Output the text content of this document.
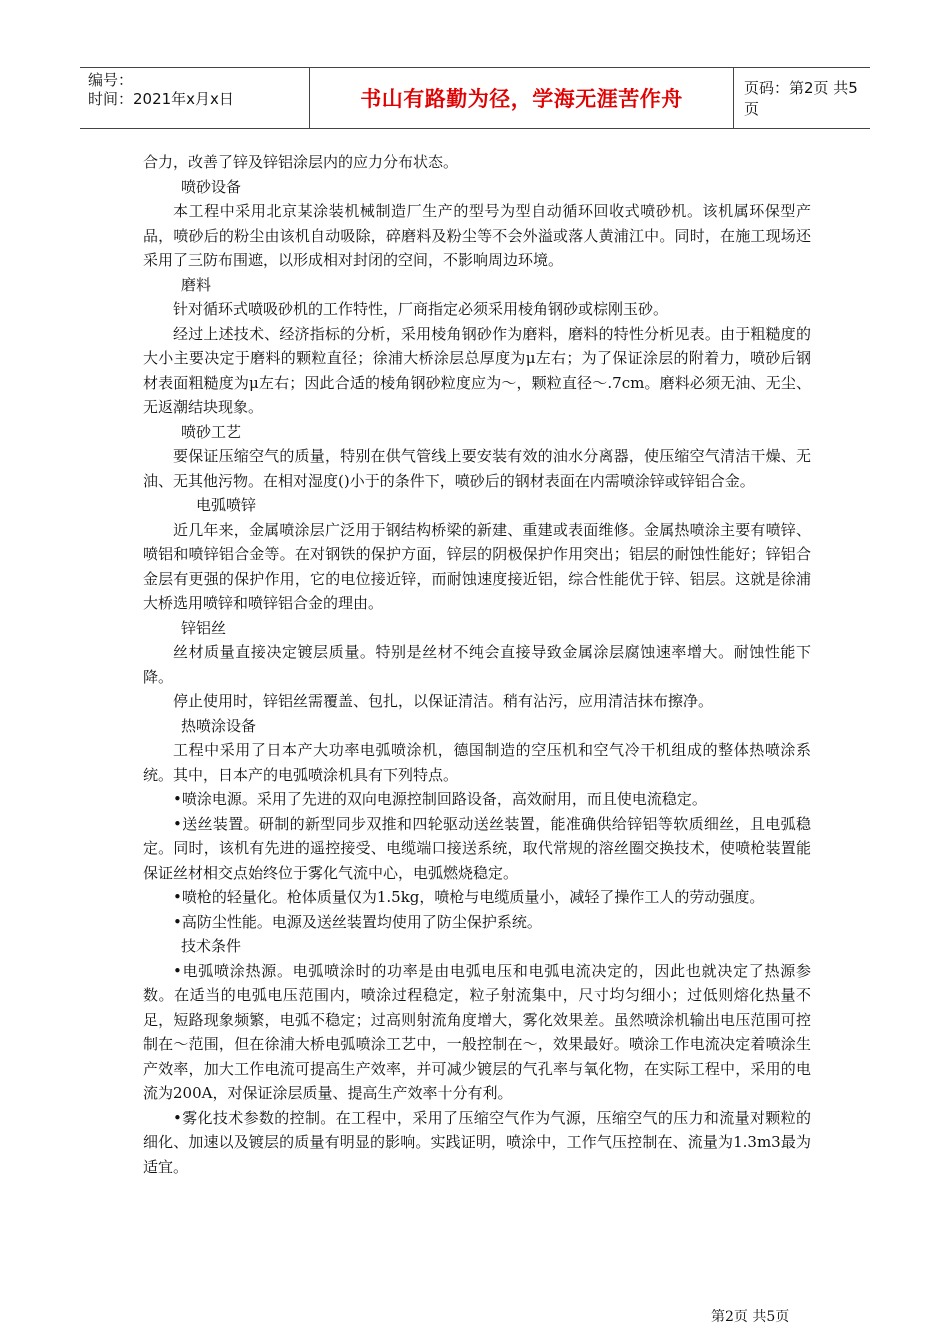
编号：
时间：2021年x月x日	书山有路勤为径，学海无涯苦作舟	页码：第2页 共5页

合力，改善了锌及锌铝涂层内的应力分布状态。

喷砂设备

本工程中采用北京某涂装机械制造厂生产的型号为型自动循环回收式喷砂机。该机属环保型产品，喷砂后的粉尘由该机自动吸除，碎磨料及粉尘等不会外溢或落人黄浦江中。同时，在施工现场还采用了三防布围遮，以形成相对封闭的空间，不影响周边环境。

磨料

针对循环式喷吸砂机的工作特性，厂商指定必须采用棱角钢砂或棕刚玉砂。

经过上述技术、经济指标的分析，采用棱角钢砂作为磨料，磨料的特性分析见表。由于粗糙度的大小主要决定于磨料的颗粒直径；徐浦大桥涂层总厚度为μ左右；为了保证涂层的附着力，喷砂后钢材表面粗糙度为μ左右；因此合适的棱角钢砂粒度应为～，颗粒直径～.7cm。磨料必须无油、无尘、无返潮结块现象。

喷砂工艺

要保证压缩空气的质量，特别在供气管线上要安装有效的油水分离器，使压缩空气清洁干燥、无油、无其他污物。在相对湿度()小于的条件下，喷砂后的钢材表面在内需喷涂锌或锌铝合金。

电弧喷锌

近几年来，金属喷涂层广泛用于钢结构桥梁的新建、重建或表面维修。金属热喷涂主要有喷锌、喷铝和喷锌铝合金等。在对钢铁的保护方面，锌层的阴极保护作用突出；铝层的耐蚀性能好；锌铝合金层有更强的保护作用，它的电位接近锌，而耐蚀速度接近铝，综合性能优于锌、铝层。这就是徐浦大桥选用喷锌和喷锌铝合金的理由。

锌铝丝

丝材质量直接决定镀层质量。特别是丝材不纯会直接导致金属涂层腐蚀速率增大。耐蚀性能下降。

停止使用时，锌铝丝需覆盖、包扎，以保证清洁。稍有沾污，应用清洁抹布擦净。

热喷涂设备

工程中采用了日本产大功率电弧喷涂机，德国制造的空压机和空气冷干机组成的整体热喷涂系统。其中，日本产的电弧喷涂机具有下列特点。

•喷涂电源。采用了先进的双向电源控制回路设备，高效耐用，而且使电流稳定。

•送丝装置。研制的新型同步双推和四轮驱动送丝装置，能准确供给锌铝等软质细丝，且电弧稳定。同时，该机有先进的遥控接受、电缆端口接送系统，取代常规的溶丝圈交换技术，使喷枪装置能保证丝材相交点始终位于雾化气流中心，电弧燃烧稳定。

•喷枪的轻量化。枪体质量仅为1.5kg，喷枪与电缆质量小，减轻了操作工人的劳动强度。

•高防尘性能。电源及送丝装置均使用了防尘保护系统。

技术条件

•电弧喷涂热源。电弧喷涂时的功率是由电弧电压和电弧电流决定的，因此也就决定了热源参数。在适当的电弧电压范围内，喷涂过程稳定，粒子射流集中，尺寸均匀细小；过低则熔化热量不足，短路现象频繁，电弧不稳定；过高则射流角度增大，雾化效果差。虽然喷涂机输出电压范围可控制在～范围，但在徐浦大桥电弧喷涂工艺中，一般控制在～，效果最好。喷涂工作电流决定着喷涂生产效率，加大工作电流可提高生产效率，并可减少镀层的气孔率与氧化物，在实际工程中，采用的电流为200A，对保证涂层质量、提高生产效率十分有利。

•雾化技术参数的控制。在工程中，采用了压缩空气作为气源，压缩空气的压力和流量对颗粒的细化、加速以及镀层的质量有明显的影响。实践证明，喷涂中，工作气压控制在、流量为1.3m3最为适宜。

第2页 共5页
